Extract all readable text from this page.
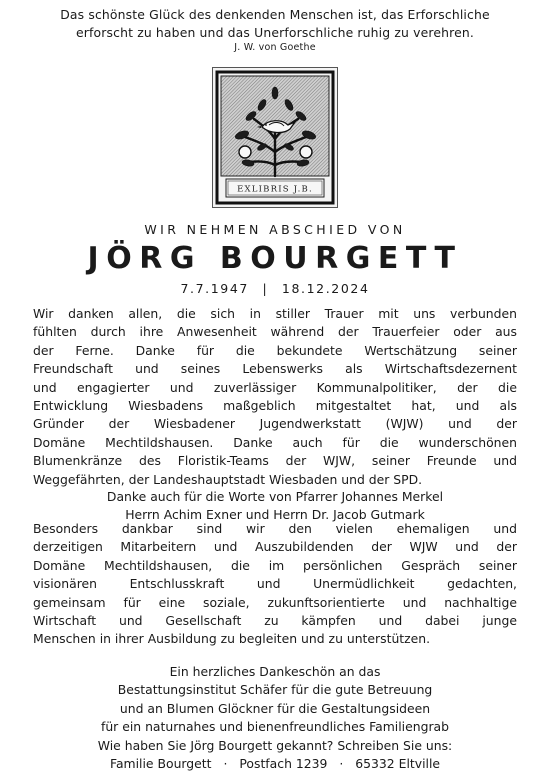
Das schönste Glück des denkenden Menschen ist, das Erforschliche
erforscht zu haben und das Unerforschliche ruhig zu verehren.
J. W. von Goethe
EXLIBRIS J.B.
WIR NEHMEN ABSCHIED VON
JÖRG BOURGETT
7.7.1947 | 18.12.2024
Wir danken allen, die sich in stiller Trauer mit uns verbunden
fühlten durch ihre Anwesenheit während der Trauerfeier oder aus
der Ferne. Danke für die bekundete Wertschätzung seiner
Freundschaft und seines Lebenswerks als Wirtschaftsdezernent
und engagierter und zuverlässiger Kommunalpolitiker, der die
Entwicklung Wiesbadens maßgeblich mitgestaltet hat, und als
Gründer der Wiesbadener Jugendwerkstatt (WJW) und der
Domäne Mechtildshausen. Danke auch für die wunderschönen
Blumenkränze des Floristik-Teams der WJW, seiner Freunde und
Weggefährten, der Landeshauptstadt Wiesbaden und der SPD.
Danke auch für die Worte von Pfarrer Johannes Merkel
Herrn Achim Exner und Herrn Dr. Jacob Gutmark
Besonders dankbar sind wir den vielen ehemaligen und
derzeitigen Mitarbeitern und Auszubildenden der WJW und der
Domäne Mechtildshausen, die im persönlichen Gespräch seiner
visionären Entschlusskraft und Unermüdlichkeit gedachten,
gemeinsam für eine soziale, zukunftsorientierte und nachhaltige
Wirtschaft und Gesellschaft zu kämpfen und dabei junge
Menschen in ihrer Ausbildung zu begleiten und zu unterstützen.
Ein herzliches Dankeschön an das
Bestattungsinstitut Schäfer für die gute Betreuung
und an Blumen Glöckner für die Gestaltungsideen
für ein naturnahes und bienenfreundliches Familiengrab
Wie haben Sie Jörg Bourgett gekannt? Schreiben Sie uns:
Familie Bourgett · Postfach 1239 · 65332 Eltville
